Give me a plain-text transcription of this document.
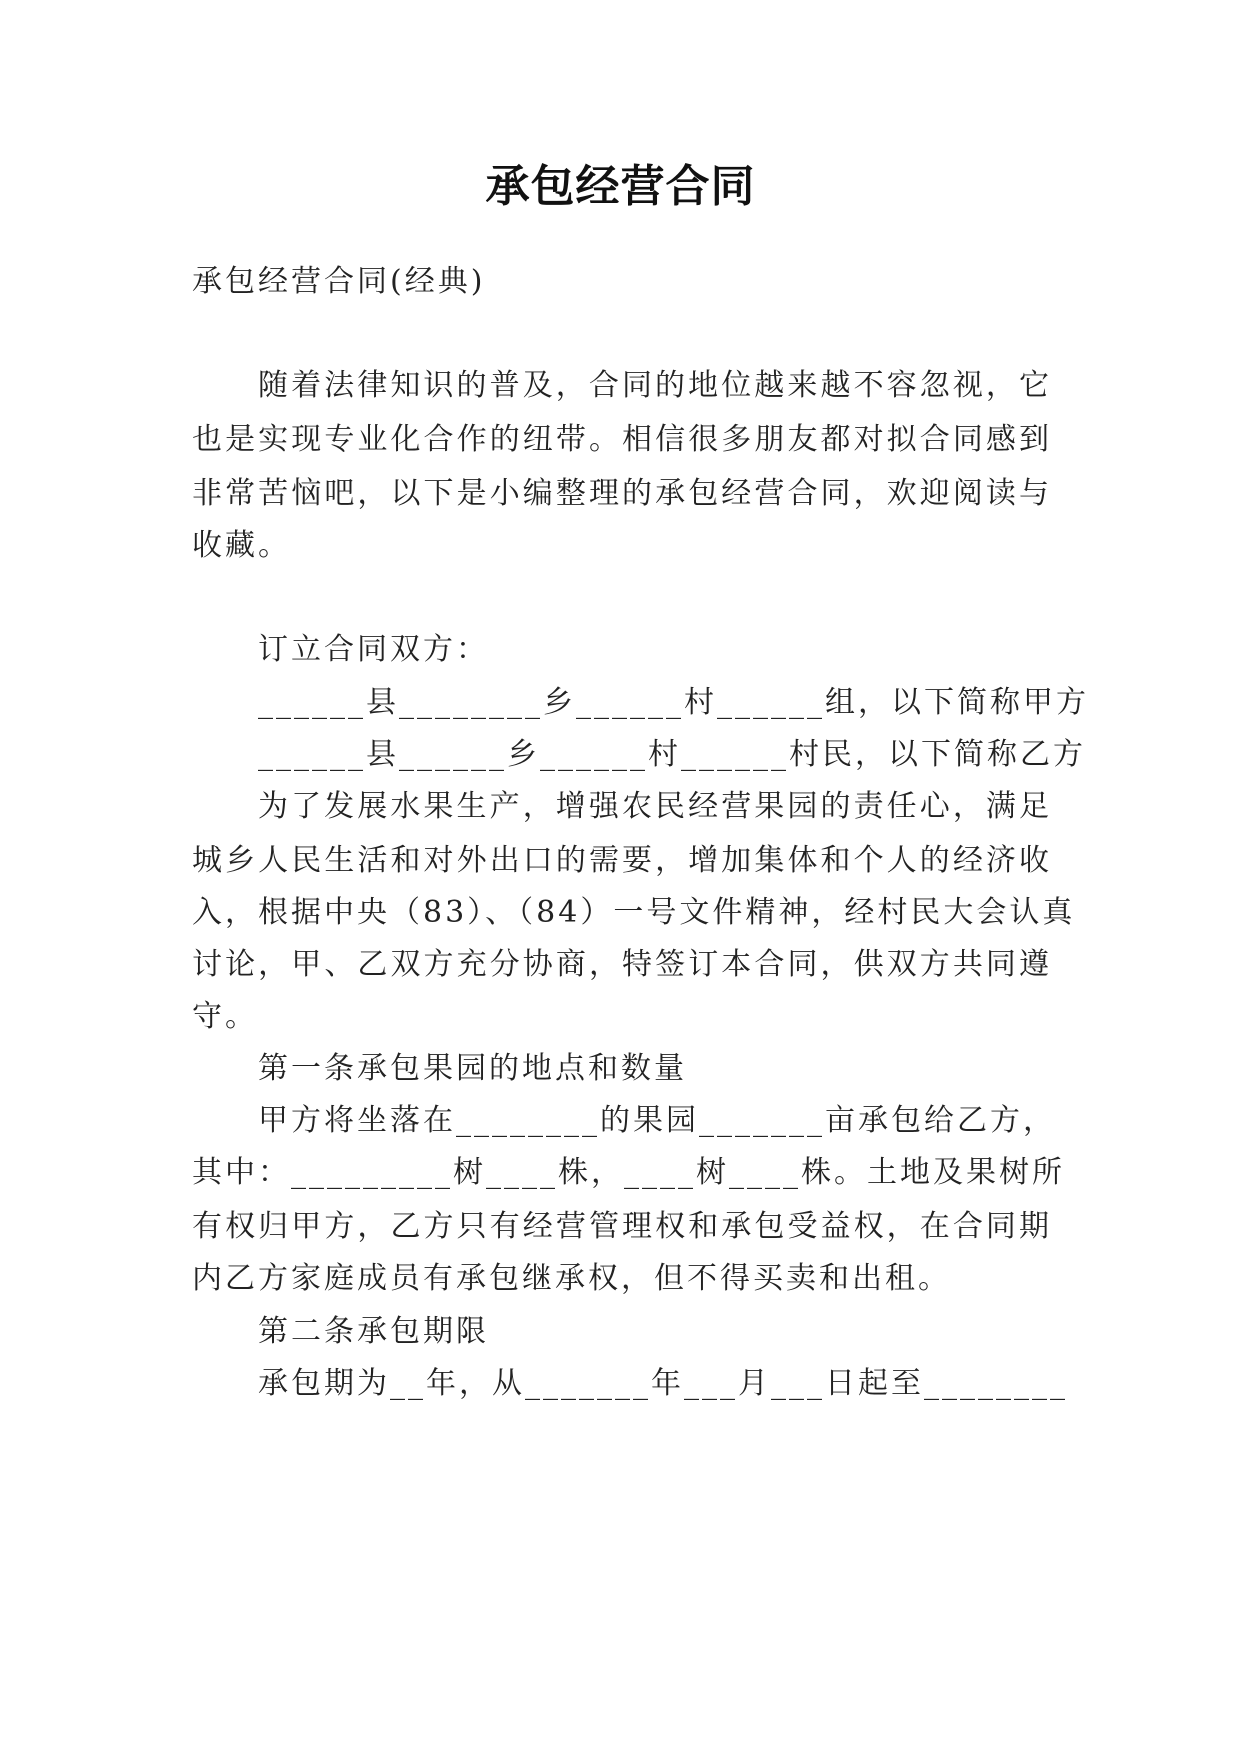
承包经营合同
承包经营合同(经典)
随着法律知识的普及，合同的地位越来越不容忽视，它
也是实现专业化合作的纽带。相信很多朋友都对拟合同感到
非常苦恼吧，以下是小编整理的承包经营合同，欢迎阅读与
收藏。
订立合同双方：
______县________乡______村______组，以下简称甲方
______县______乡______村______村民，以下简称乙方
为了发展水果生产，增强农民经营果园的责任心，满足
城乡人民生活和对外出口的需要，增加集体和个人的经济收
入，根据中央（83）、（84）一号文件精神，经村民大会认真
讨论，甲、乙双方充分协商，特签订本合同，供双方共同遵
守。
第一条承包果园的地点和数量
甲方将坐落在________的果园_______亩承包给乙方，
其中：_________树____株，____树____株。土地及果树所
有权归甲方，乙方只有经营管理权和承包受益权，在合同期
内乙方家庭成员有承包继承权，但不得买卖和出租。
第二条承包期限
承包期为__年，从_______年___月___日起至________
